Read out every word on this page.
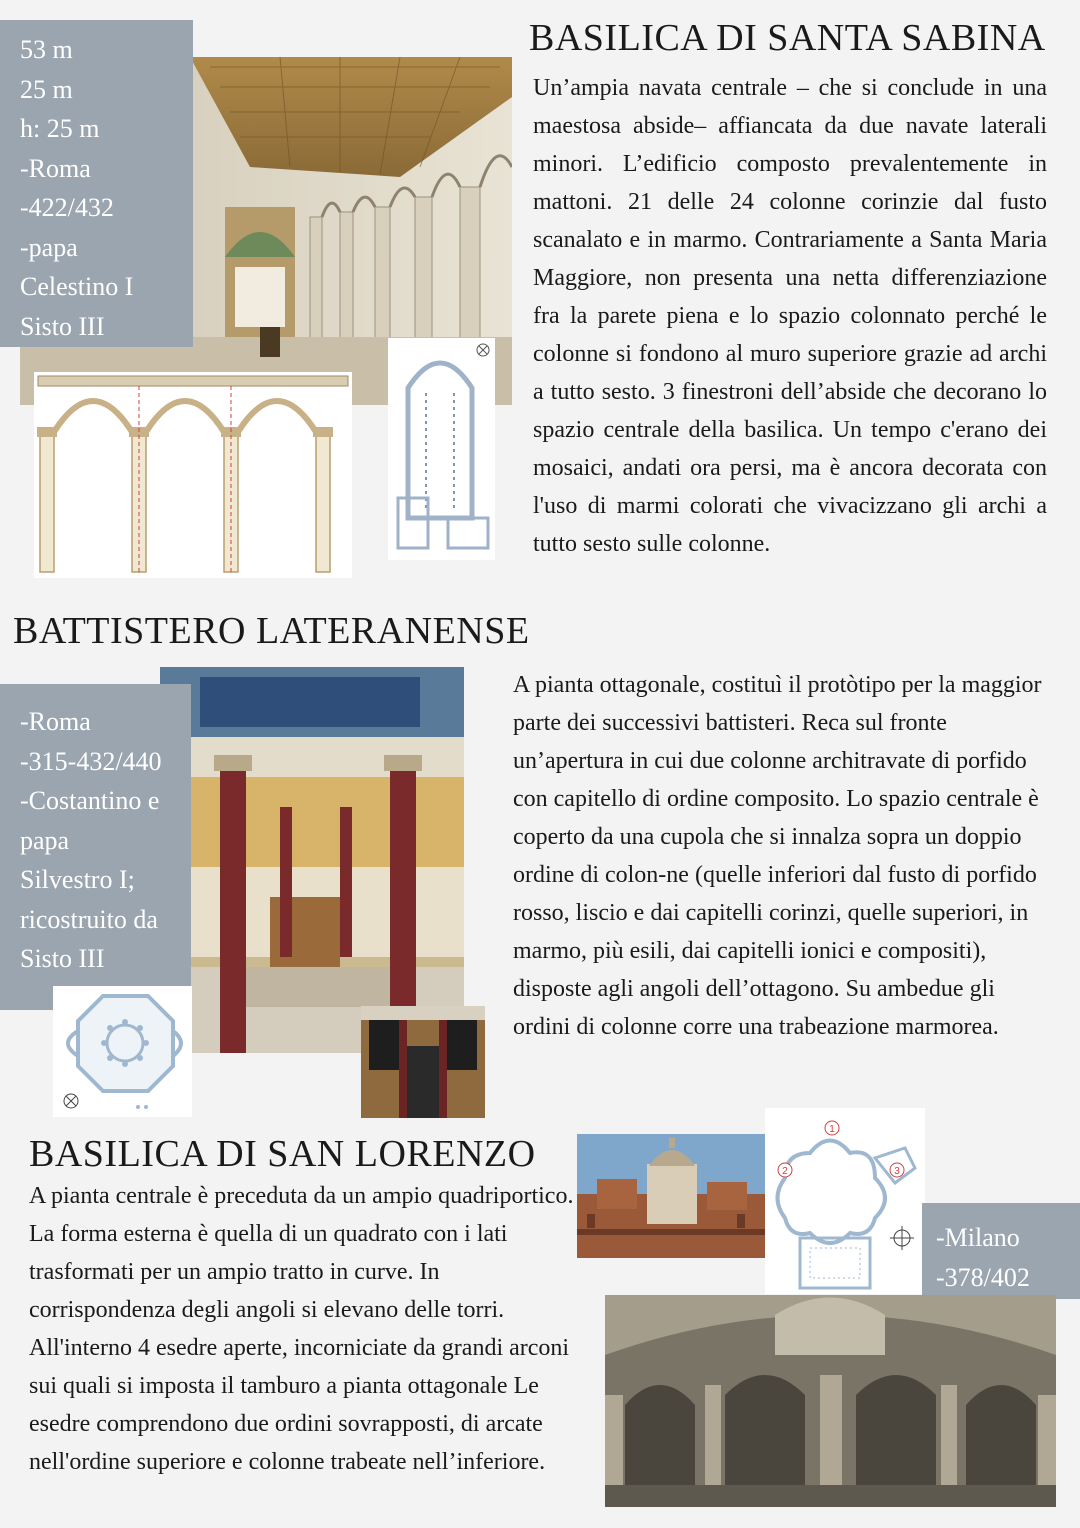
53 m
25 m
h: 25 m
-Roma
-422/432
-papa
Celestino I
Sisto III
BASILICA DI SANTA SABINA
Un’ampia navata centrale – che si conclude in una maestosa abside– affiancata da due navate laterali minori. L’edificio composto prevalentemente in mattoni. 21 delle 24 colonne corinzie dal fusto scanalato e in marmo. Contrariamente a Santa Maria Maggiore, non presenta una netta differenziazione fra la parete piena e lo spazio colonnato perché le colonne si fondono al muro superiore grazie ad archi a tutto sesto. 3 finestroni dell’abside che decorano lo spazio centrale della basilica. Un tempo c'erano dei mosaici, andati ora persi, ma è ancora decorata con l'uso di marmi colorati che vivacizzano gli archi a tutto sesto sulle colonne.
BATTISTERO LATERANENSE
-Roma
-315-432/440
-Costantino e
papa
Silvestro I;
ricostruito da
Sisto III
A pianta ottagonale, costituì il protòtipo per la maggior parte dei successivi battisteri. Reca sul fronte un’apertura in cui due colonne architravate di porfido con capitello di ordine composito. Lo spazio centrale è coperto da una cupola che si innalza sopra un doppio ordine di colon-ne (quelle inferiori dal fusto di porfido rosso, liscio e dai capitelli corinzi, quelle superiori, in marmo, più esili, dai capitelli ionici e compositi), disposte agli angoli dell’ottagono. Su ambedue gli ordini di colonne corre una trabeazione marmorea.
BASILICA DI SAN LORENZO
A pianta centrale è preceduta da un ampio quadriportico. La forma esterna è quella di un quadrato con i lati trasformati per un ampio tratto in curve. In corrispondenza degli angoli si elevano delle torri. All'interno 4 esedre aperte, incorniciate da grandi arconi sui quali si imposta il tamburo a pianta ottagonale Le esedre comprendono due ordini sovrapposti, di arcate nell'ordine superiore e colonne trabeate nell’inferiore.
1
2	3
-Milano
-378/402
